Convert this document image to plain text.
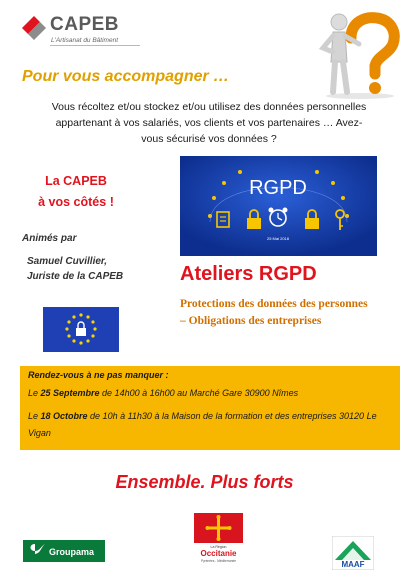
CAPEB
L'Artisanat du Bâtiment
Pour vous accompagner …
Vous récoltez et/ou stockez et/ou utilisez des données personnelles appartenant à vos salariés, vos clients et vos partenaires … Avez-vous sécurisé vos données ?
La CAPEB
à vos côtés !
Animés par
Samuel Cuvillier,
Juriste de la CAPEB
RGPD
25 Mai 2018
Ateliers RGPD
Protections des données des personnes – Obligations des entreprises
Rendez-vous à ne pas manquer :
Le 25 Septembre de 14h00 à 16h00 au Marché Gare 30900 Nîmes
Le 18 Octobre de 10h à 11h30 à la Maison de la formation et des entreprises 30120 Le Vigan
Ensemble. Plus forts
Groupama	La Région
Occitanie
Pyrénées - Méditerranée	MAAF
